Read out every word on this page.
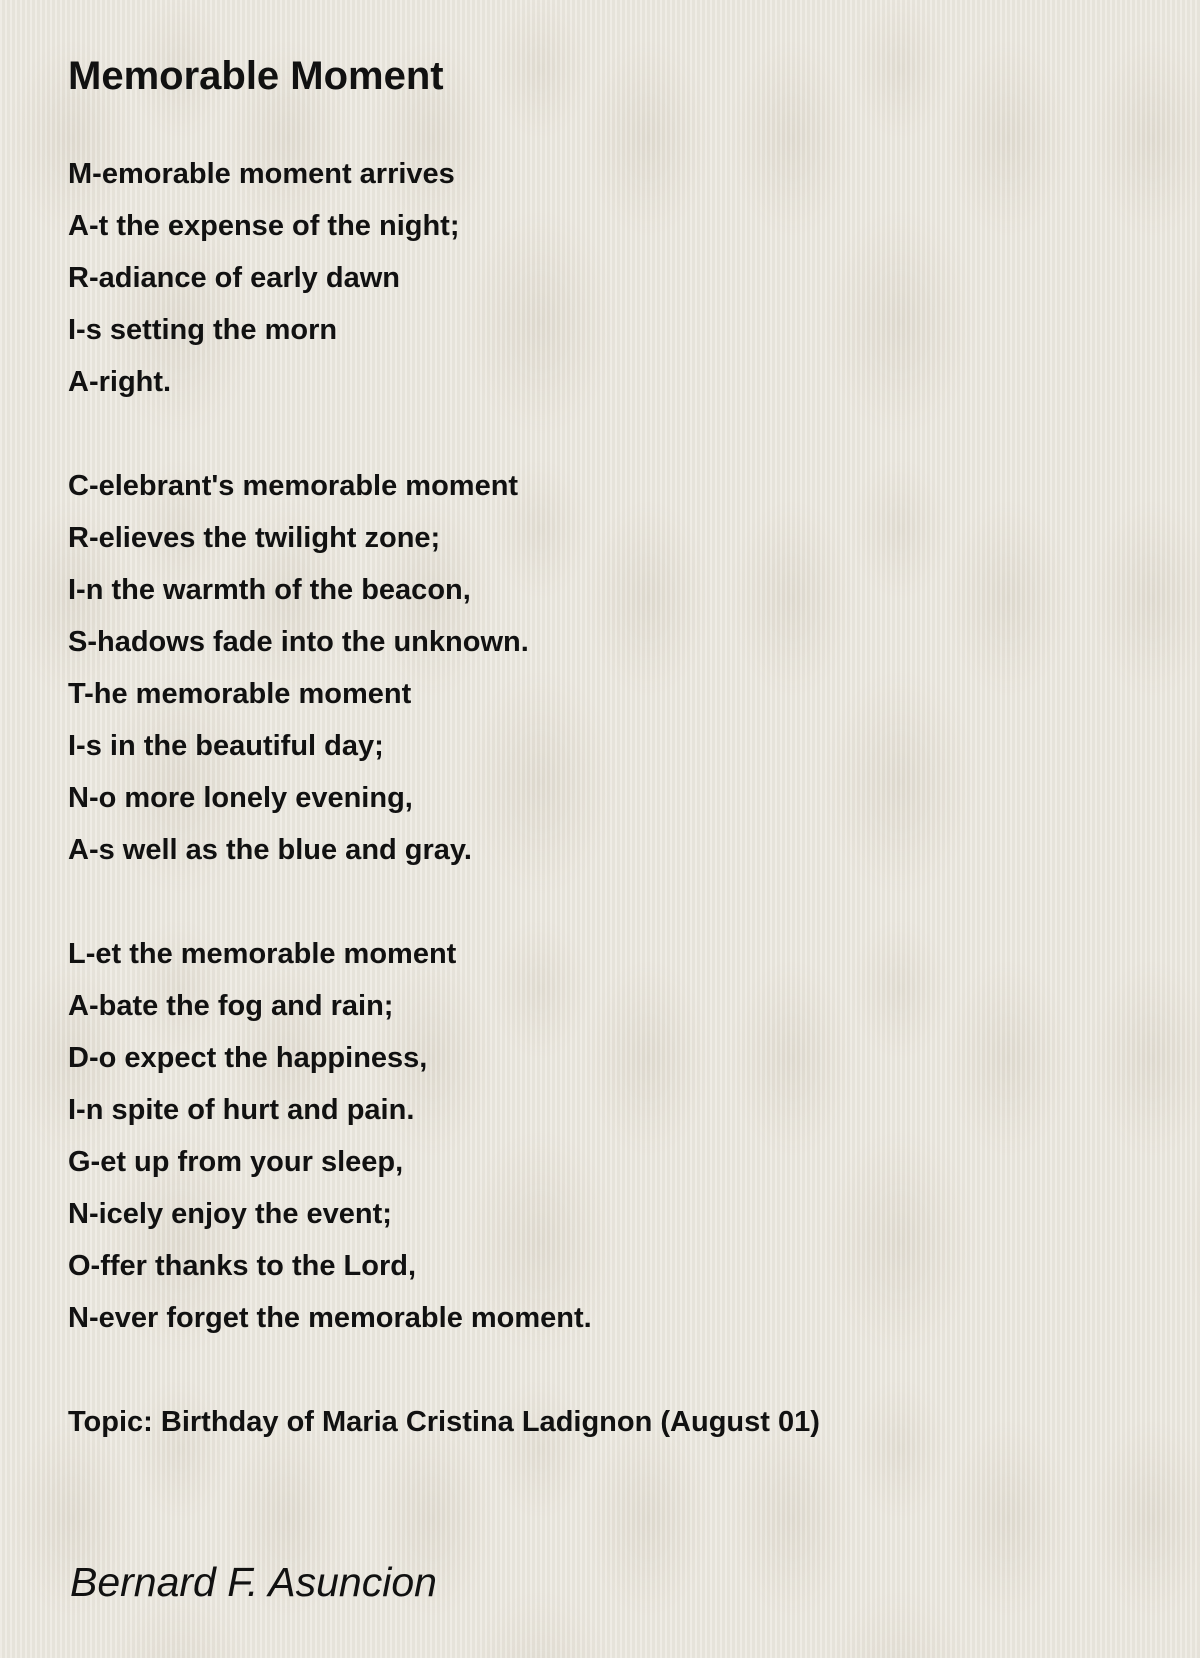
Memorable Moment
M-emorable moment arrives
A-t the expense of the night;
R-adiance of early dawn
I-s setting the morn
A-right.
C-elebrant's memorable moment
R-elieves the twilight zone;
I-n the warmth of the beacon,
S-hadows fade into the unknown.
T-he memorable moment
I-s in the beautiful day;
N-o more lonely evening,
A-s well as the blue and gray.
L-et the memorable moment
A-bate the fog and rain;
D-o expect the happiness,
I-n spite of hurt and pain.
G-et up from your sleep,
N-icely enjoy the event;
O-ffer thanks to the Lord,
N-ever forget the memorable moment.
Topic: Birthday of Maria Cristina Ladignon (August 01)
Bernard F. Asuncion
